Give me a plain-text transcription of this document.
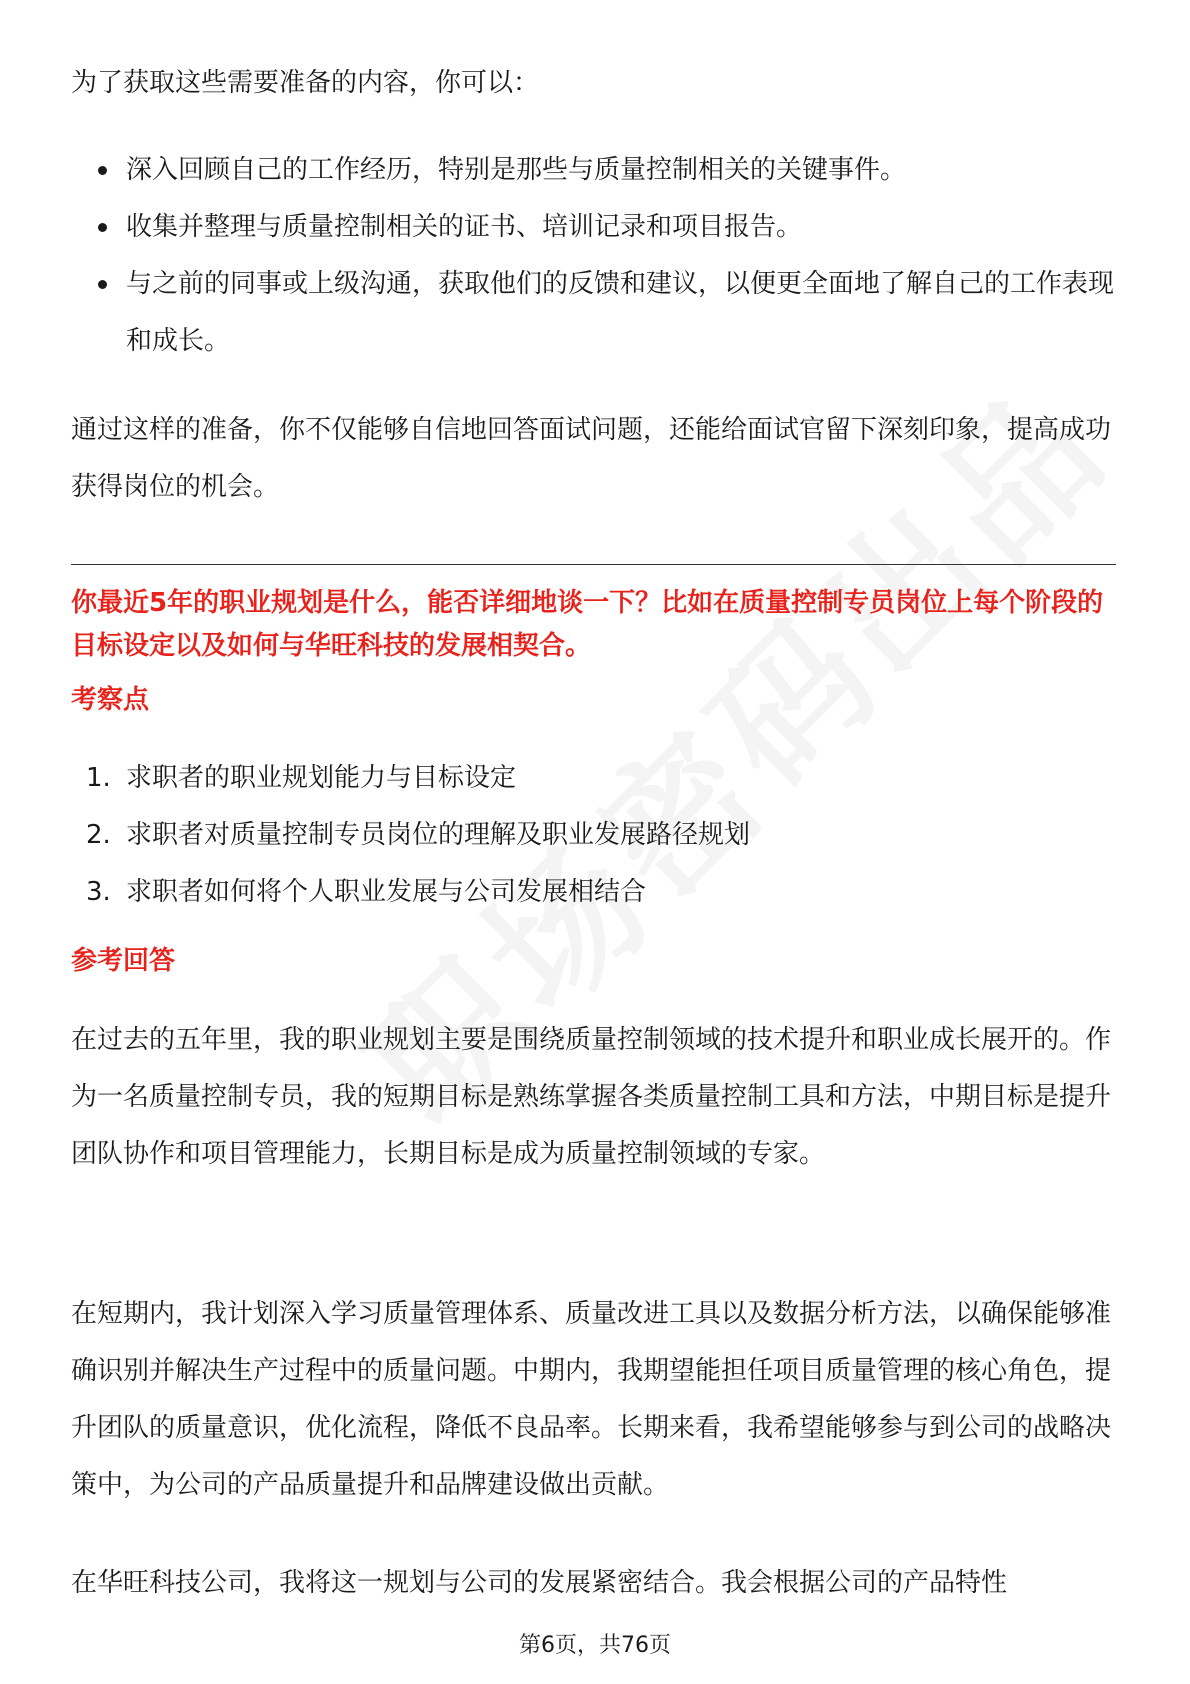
为了获取这些需要准备的内容，你可以：

深入回顾自己的工作经历，特别是那些与质量控制相关的关键事件。
收集并整理与质量控制相关的证书、培训记录和项目报告。
与之前的同事或上级沟通，获取他们的反馈和建议，以便更全面地了解自己的工作表现和成长。

通过这样的准备，你不仅能够自信地回答面试问题，还能给面试官留下深刻印象，提高成功获得岗位的机会。

你最近5年的职业规划是什么，能否详细地谈一下？比如在质量控制专员岗位上每个阶段的目标设定以及如何与华旺科技的发展相契合。

考察点
1. 求职者的职业规划能力与目标设定
2. 求职者对质量控制专员岗位的理解及职业发展路径规划
3. 求职者如何将个人职业发展与公司发展相结合
参考回答

在过去的五年里，我的职业规划主要是围绕质量控制领域的技术提升和职业成长展开的。作为一名质量控制专员，我的短期目标是熟练掌握各类质量控制工具和方法，中期目标是提升团队协作和项目管理能力，长期目标是成为质量控制领域的专家。

在短期内，我计划深入学习质量管理体系、质量改进工具以及数据分析方法，以确保能够准确识别并解决生产过程中的质量问题。中期内，我期望能担任项目质量管理的核心角色，提升团队的质量意识，优化流程，降低不良品率。长期来看，我希望能够参与到公司的战略决策中，为公司的产品质量提升和品牌建设做出贡献。

在华旺科技公司，我将这一规划与公司的发展紧密结合。我会根据公司的产品特性

第6页，共76页
